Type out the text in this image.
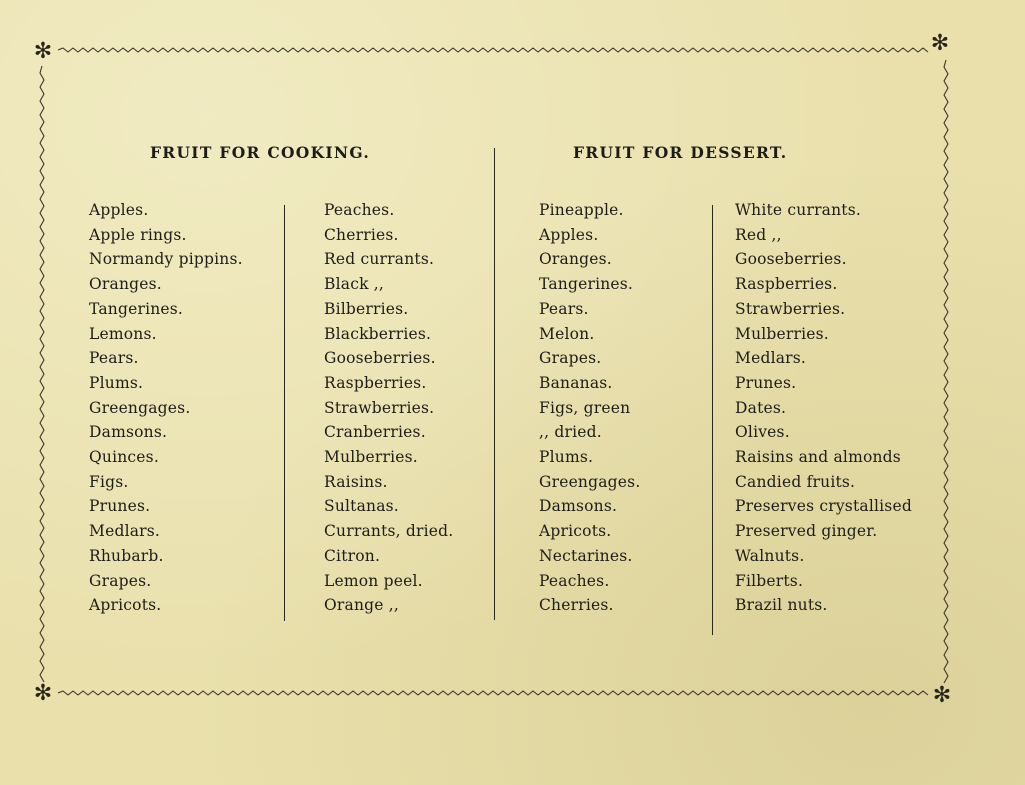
✻	✻
✻	✻
FRUIT FOR COOKING.	FRUIT FOR DESSERT.
Apples.
Apple rings.
Normandy pippins.
Oranges.
Tangerines.
Lemons.
Pears.
Plums.
Greengages.
Damsons.
Quinces.
Figs.
Prunes.
Medlars.
Rhubarb.
Grapes.
Apricots.
Peaches.
Cherries.
Red currants.
Black ,,
Bilberries.
Blackberries.
Gooseberries.
Raspberries.
Strawberries.
Cranberries.
Mulberries.
Raisins.
Sultanas.
Currants, dried.
Citron.
Lemon peel.
Orange ,,
Pineapple.
Apples.
Oranges.
Tangerines.
Pears.
Melon.
Grapes.
Bananas.
Figs, green
,, dried.
Plums.
Greengages.
Damsons.
Apricots.
Nectarines.
Peaches.
Cherries.
White currants.
Red ,,
Gooseberries.
Raspberries.
Strawberries.
Mulberries.
Medlars.
Prunes.
Dates.
Olives.
Raisins and almonds
Candied fruits.
Preserves crystallised
Preserved ginger.
Walnuts.
Filberts.
Brazil nuts.
